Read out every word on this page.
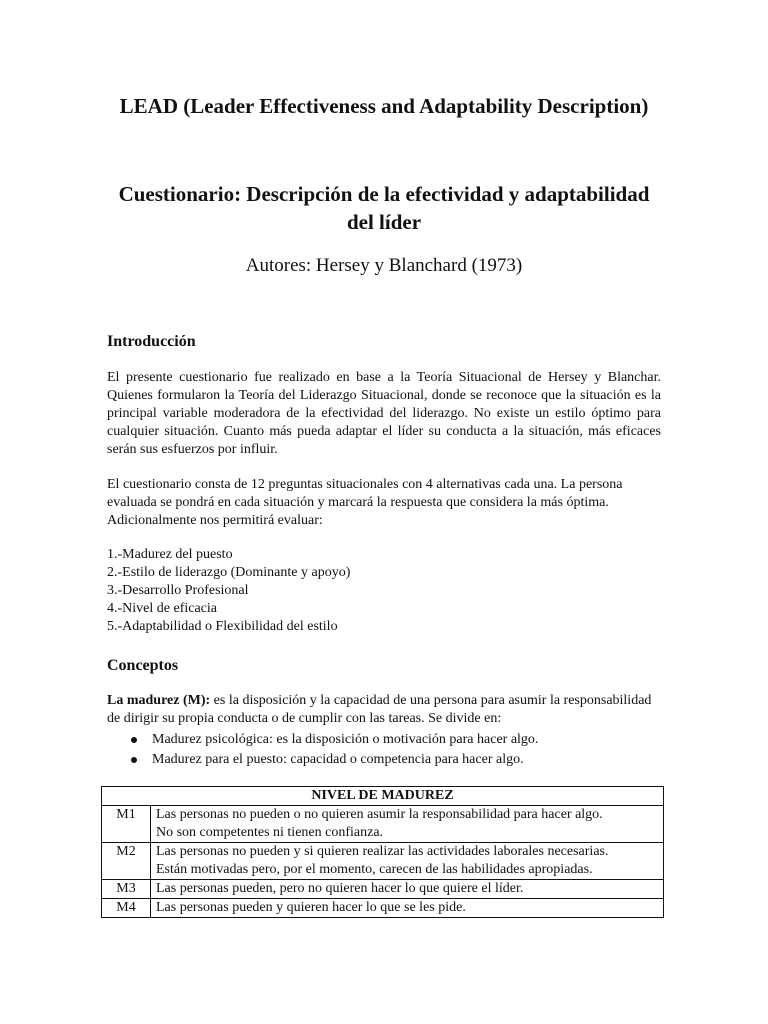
LEAD (Leader Effectiveness and Adaptability Description)
Cuestionario: Descripción de la efectividad y adaptabilidad del líder
Autores: Hersey y Blanchard (1973)
Introducción
El presente cuestionario fue realizado en base a la Teoría Situacional de Hersey y Blanchar. Quienes formularon la Teoría del Liderazgo Situacional, donde se reconoce que la situación es la principal variable moderadora de la efectividad del liderazgo. No existe un estilo óptimo para cualquier situación. Cuanto más pueda adaptar el líder su conducta a la situación, más eficaces serán sus esfuerzos por influir.
El cuestionario consta de 12 preguntas situacionales con 4 alternativas cada una. La persona evaluada se pondrá en cada situación y marcará la respuesta que considera la más óptima. Adicionalmente nos permitirá evaluar:
1.-Madurez del puesto
2.-Estilo de liderazgo (Dominante y apoyo)
3.-Desarrollo Profesional
4.-Nivel de eficacia
5.-Adaptabilidad o Flexibilidad del estilo
Conceptos
La madurez (M): es la disposición y la capacidad de una persona para asumir la responsabilidad de dirigir su propia conducta o de cumplir con las tareas. Se divide en:
Madurez psicológica: es la disposición o motivación para hacer algo.
Madurez para el puesto: capacidad o competencia para hacer algo.
NIVEL DE MADUREZ	
M1	Las personas no pueden o no quieren asumir la responsabilidad para hacer algo.
No son competentes ni tienen confianza.

M2	Las personas no pueden y si quieren realizar las actividades laborales necesarias.
Están motivadas pero, por el momento, carecen de las habilidades apropiadas.

M3	Las personas pueden, pero no quieren hacer lo que quiere el líder.

M4	Las personas pueden y quieren hacer lo que se les pide.
